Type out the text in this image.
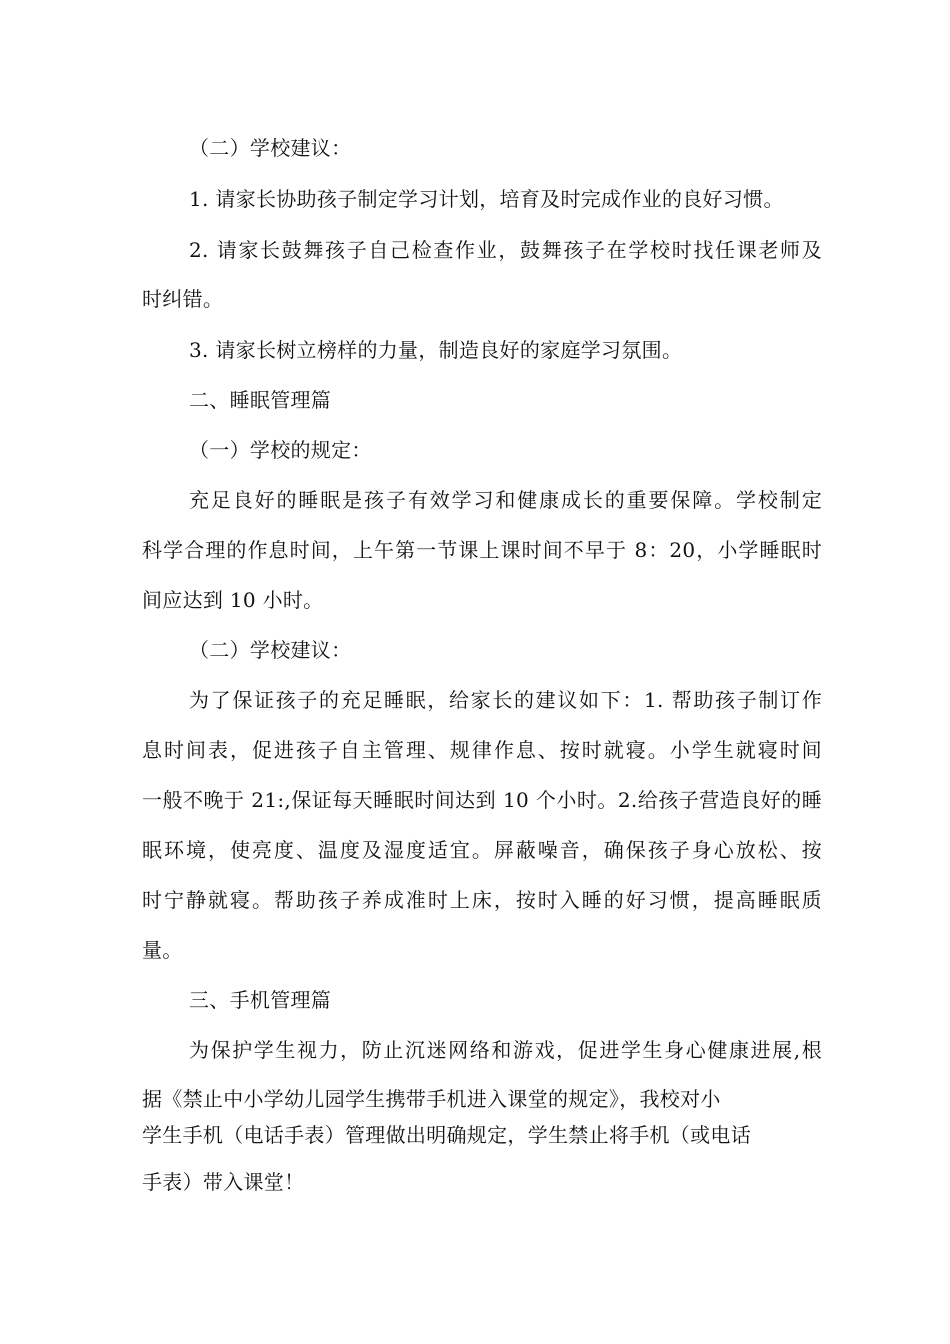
（二）学校建议：
1. 请家长协助孩子制定学习计划，培育及时完成作业的良好习惯。
2. 请家长鼓舞孩子自己检查作业，鼓舞孩子在学校时找任课老师及
时纠错。
3. 请家长树立榜样的力量，制造良好的家庭学习氛围。
二、睡眠管理篇
（一）学校的规定：
充足良好的睡眠是孩子有效学习和健康成长的重要保障。学校制定
科学合理的作息时间，上午第一节课上课时间不早于 8：20，小学睡眠时
间应达到 10 小时。
（二）学校建议：
为了保证孩子的充足睡眠，给家长的建议如下：1. 帮助孩子制订作
息时间表，促进孩子自主管理、规律作息、按时就寝。小学生就寝时间
一般不晚于 21:,保证每天睡眠时间达到 10 个小时。2.给孩子营造良好的睡
眠环境，使亮度、温度及湿度适宜。屏蔽噪音，确保孩子身心放松、按
时宁静就寝。帮助孩子养成准时上床，按时入睡的好习惯，提高睡眠质
量。
三、手机管理篇
为保护学生视力，防止沉迷网络和游戏，促进学生身心健康进展,根
据《禁止中小学幼儿园学生携带手机进入课堂的规定》，我校对小
学生手机（电话手表）管理做出明确规定，学生禁止将手机（或电话
手表）带入课堂！
